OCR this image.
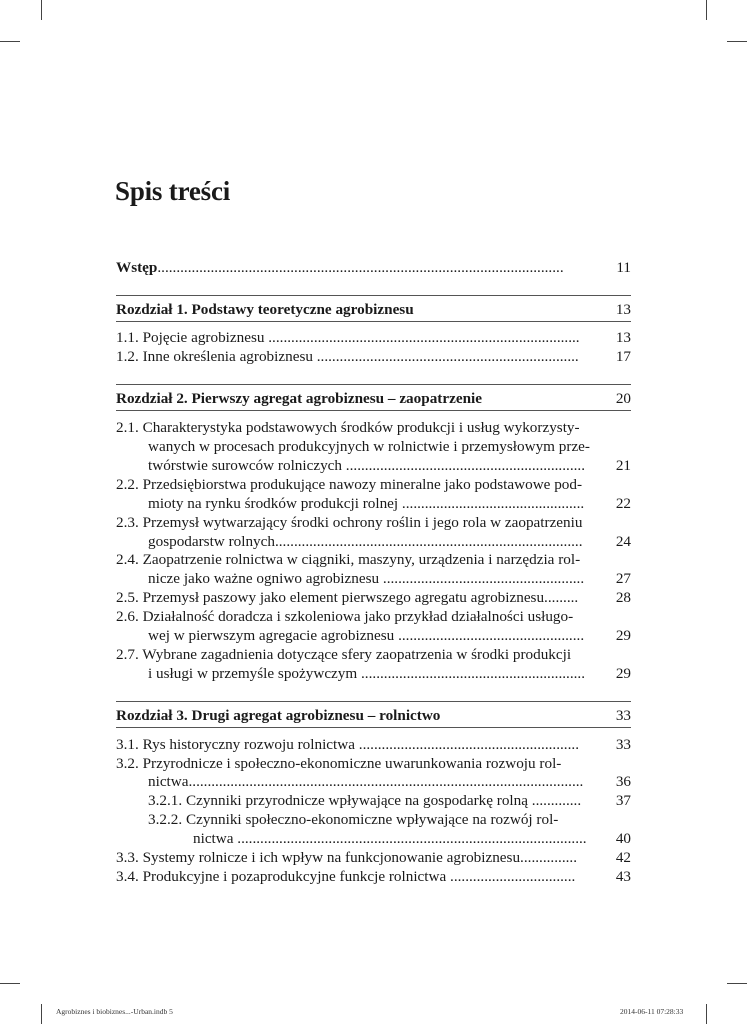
Spis treści
Wstęp...........................................................................................................	11
Rozdział 1. Podstawy teoretyczne agrobiznesu	13
1.1. Pojęcie agrobiznesu ..................................................................................	13
1.2. Inne określenia agrobiznesu .....................................................................	17
Rozdział 2. Pierwszy agregat agrobiznesu – zaopatrzenie	20
2.1. Charakterystyka podstawowych środków produkcji i usług wykorzysty-
wanych w procesach produkcyjnych w rolnictwie i przemysłowym prze-
twórstwie surowców rolniczych ...............................................................	21
2.2. Przedsiębiorstwa produkujące nawozy mineralne jako podstawowe pod-
mioty na rynku środków produkcji rolnej ................................................	22
2.3. Przemysł wytwarzający środki ochrony roślin i jego rola w zaopatrzeniu
gospodarstw rolnych.................................................................................	24
2.4. Zaopatrzenie rolnictwa w ciągniki, maszyny, urządzenia i narzędzia rol-
nicze jako ważne ogniwo agrobiznesu .....................................................	27
2.5. Przemysł paszowy jako element pierwszego agregatu agrobiznesu.........	28
2.6. Działalność doradcza i szkoleniowa jako przykład działalności usługo-
wej w pierwszym agregacie agrobiznesu .................................................	29
2.7. Wybrane zagadnienia dotyczące sfery zaopatrzenia w środki produkcji
i usługi w przemyśle spożywczym ...........................................................	29
Rozdział 3. Drugi agregat agrobiznesu – rolnictwo	33
3.1. Rys historyczny rozwoju rolnictwa ..........................................................	33
3.2. Przyrodnicze i społeczno-ekonomiczne uwarunkowania rozwoju rol-
nictwa........................................................................................................	36
3.2.1. Czynniki przyrodnicze wpływające na gospodarkę rolną .............	37
3.2.2. Czynniki społeczno-ekonomiczne wpływające na rozwój rol-
nictwa ............................................................................................	40
3.3. Systemy rolnicze i ich wpływ na funkcjonowanie agrobiznesu...............	42
3.4. Produkcyjne i pozaprodukcyjne funkcje rolnictwa .................................	43
Agrobiznes i biobiznes...-Urban.indb 5	2014-06-11 07:28:33
